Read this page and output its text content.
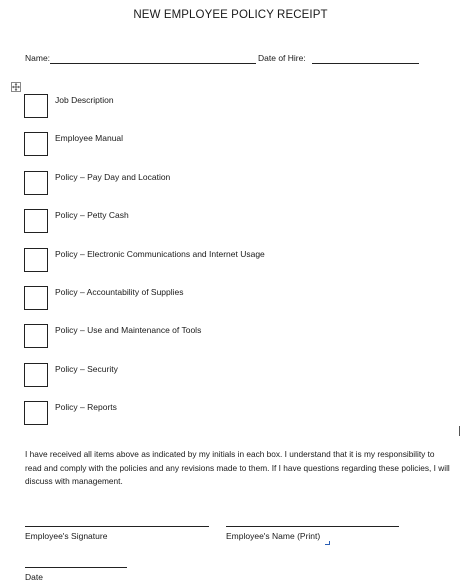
NEW EMPLOYEE POLICY RECEIPT
Name:	Date of Hire:
Job Description
Employee Manual
Policy – Pay Day and Location
Policy – Petty Cash
Policy – Electronic Communications and Internet Usage
Policy – Accountability of Supplies
Policy – Use and Maintenance of Tools
Policy – Security
Policy – Reports
I have received all items above as indicated by my initials in each box. I understand that it is my responsibility to read and comply with the policies and any revisions made to them. If I have questions regarding these policies, I will discuss with management.
Employee's Signature	Employee's Name (Print)
Date
